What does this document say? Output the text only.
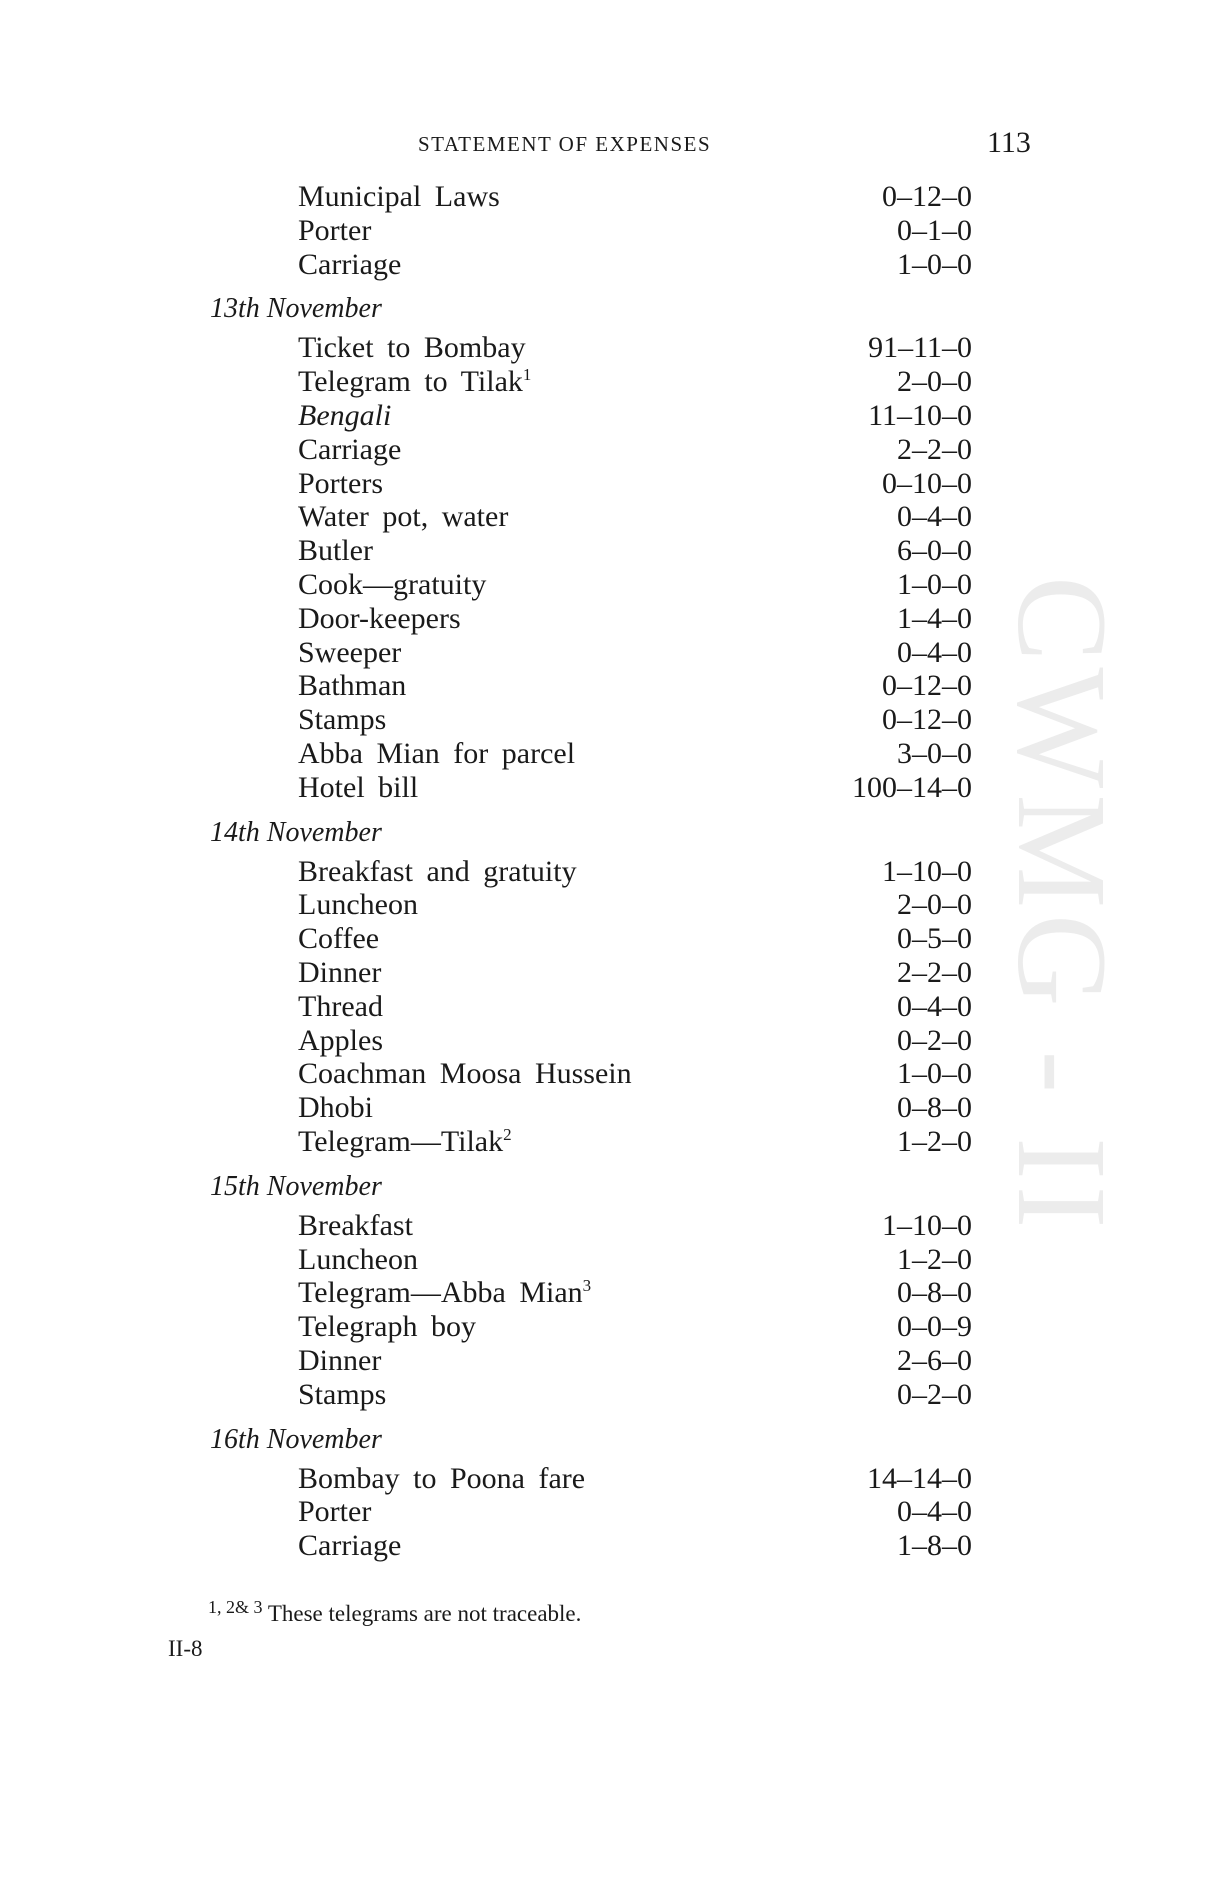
STATEMENT OF EXPENSES	113
CWMG - II
Municipal Laws	0–12–0
Porter	0–1–0
Carriage	1–0–0
13th November
Ticket to Bombay	91–11–0
Telegram to Tilak$^1$	2–0–0
Bengali	11–10–0
Carriage	2–2–0
Porters	0–10–0
Water pot, water	0–4–0
Butler	6–0–0
Cook—gratuity	1–0–0
Door-keepers	1–4–0
Sweeper	0–4–0
Bathman	0–12–0
Stamps	0–12–0
Abba Mian for parcel	3–0–0
Hotel bill	100–14–0
14th November
Breakfast and gratuity	1–10–0
Luncheon	2–0–0
Coffee	0–5–0
Dinner	2–2–0
Thread	0–4–0
Apples	0–2–0
Coachman Moosa Hussein	1–0–0
Dhobi	0–8–0
Telegram—Tilak$^2$	1–2–0
15th November
Breakfast	1–10–0
Luncheon	1–2–0
Telegram—Abba Mian$^3$	0–8–0
Telegraph boy	0–0–9
Dinner	2–6–0
Stamps	0–2–0
16th November
Bombay to Poona fare	14–14–0
Porter	0–4–0
Carriage	1–8–0
$^{1, 2\& 3}$ These telegrams are not traceable.
II-8
